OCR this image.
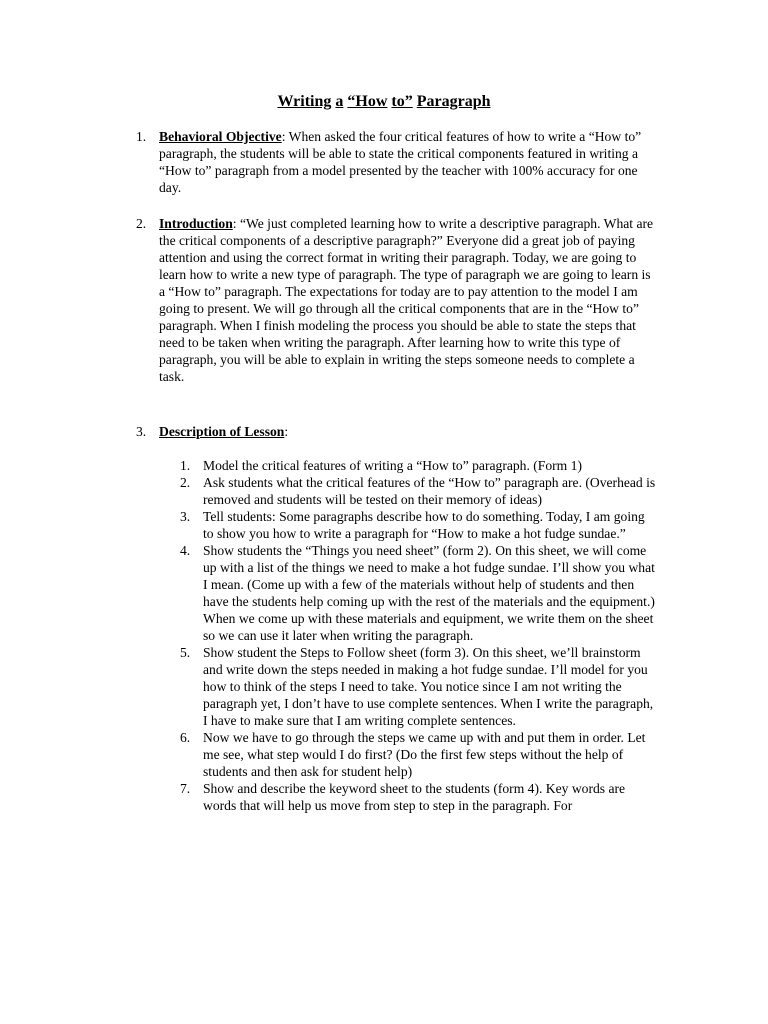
Writing a “How to” Paragraph
1. Behavioral Objective: When asked the four critical features of how to write a “How to” paragraph, the students will be able to state the critical components featured in writing a “How to” paragraph from a model presented by the teacher with 100% accuracy for one day.
2. Introduction: “We just completed learning how to write a descriptive paragraph. What are the critical components of a descriptive paragraph?” Everyone did a great job of paying attention and using the correct format in writing their paragraph. Today, we are going to learn how to write a new type of paragraph. The type of paragraph we are going to learn is a “How to” paragraph. The expectations for today are to pay attention to the model I am going to present. We will go through all the critical components that are in the “How to” paragraph. When I finish modeling the process you should be able to state the steps that need to be taken when writing the paragraph. After learning how to write this type of paragraph, you will be able to explain in writing the steps someone needs to complete a task.
3. Description of Lesson:
1. Model the critical features of writing a “How to” paragraph. (Form 1)
2. Ask students what the critical features of the “How to” paragraph are. (Overhead is removed and students will be tested on their memory of ideas)
3. Tell students: Some paragraphs describe how to do something. Today, I am going to show you how to write a paragraph for “How to make a hot fudge sundae.”
4. Show students the “Things you need sheet” (form 2). On this sheet, we will come up with a list of the things we need to make a hot fudge sundae. I’ll show you what I mean. (Come up with a few of the materials without help of students and then have the students help coming up with the rest of the materials and the equipment.) When we come up with these materials and equipment, we write them on the sheet so we can use it later when writing the paragraph.
5. Show student the Steps to Follow sheet (form 3). On this sheet, we’ll brainstorm and write down the steps needed in making a hot fudge sundae. I’ll model for you how to think of the steps I need to take. You notice since I am not writing the paragraph yet, I don’t have to use complete sentences. When I write the paragraph, I have to make sure that I am writing complete sentences.
6. Now we have to go through the steps we came up with and put them in order. Let me see, what step would I do first? (Do the first few steps without the help of students and then ask for student help)
7. Show and describe the keyword sheet to the students (form 4). Key words are words that will help us move from step to step in the paragraph. For
